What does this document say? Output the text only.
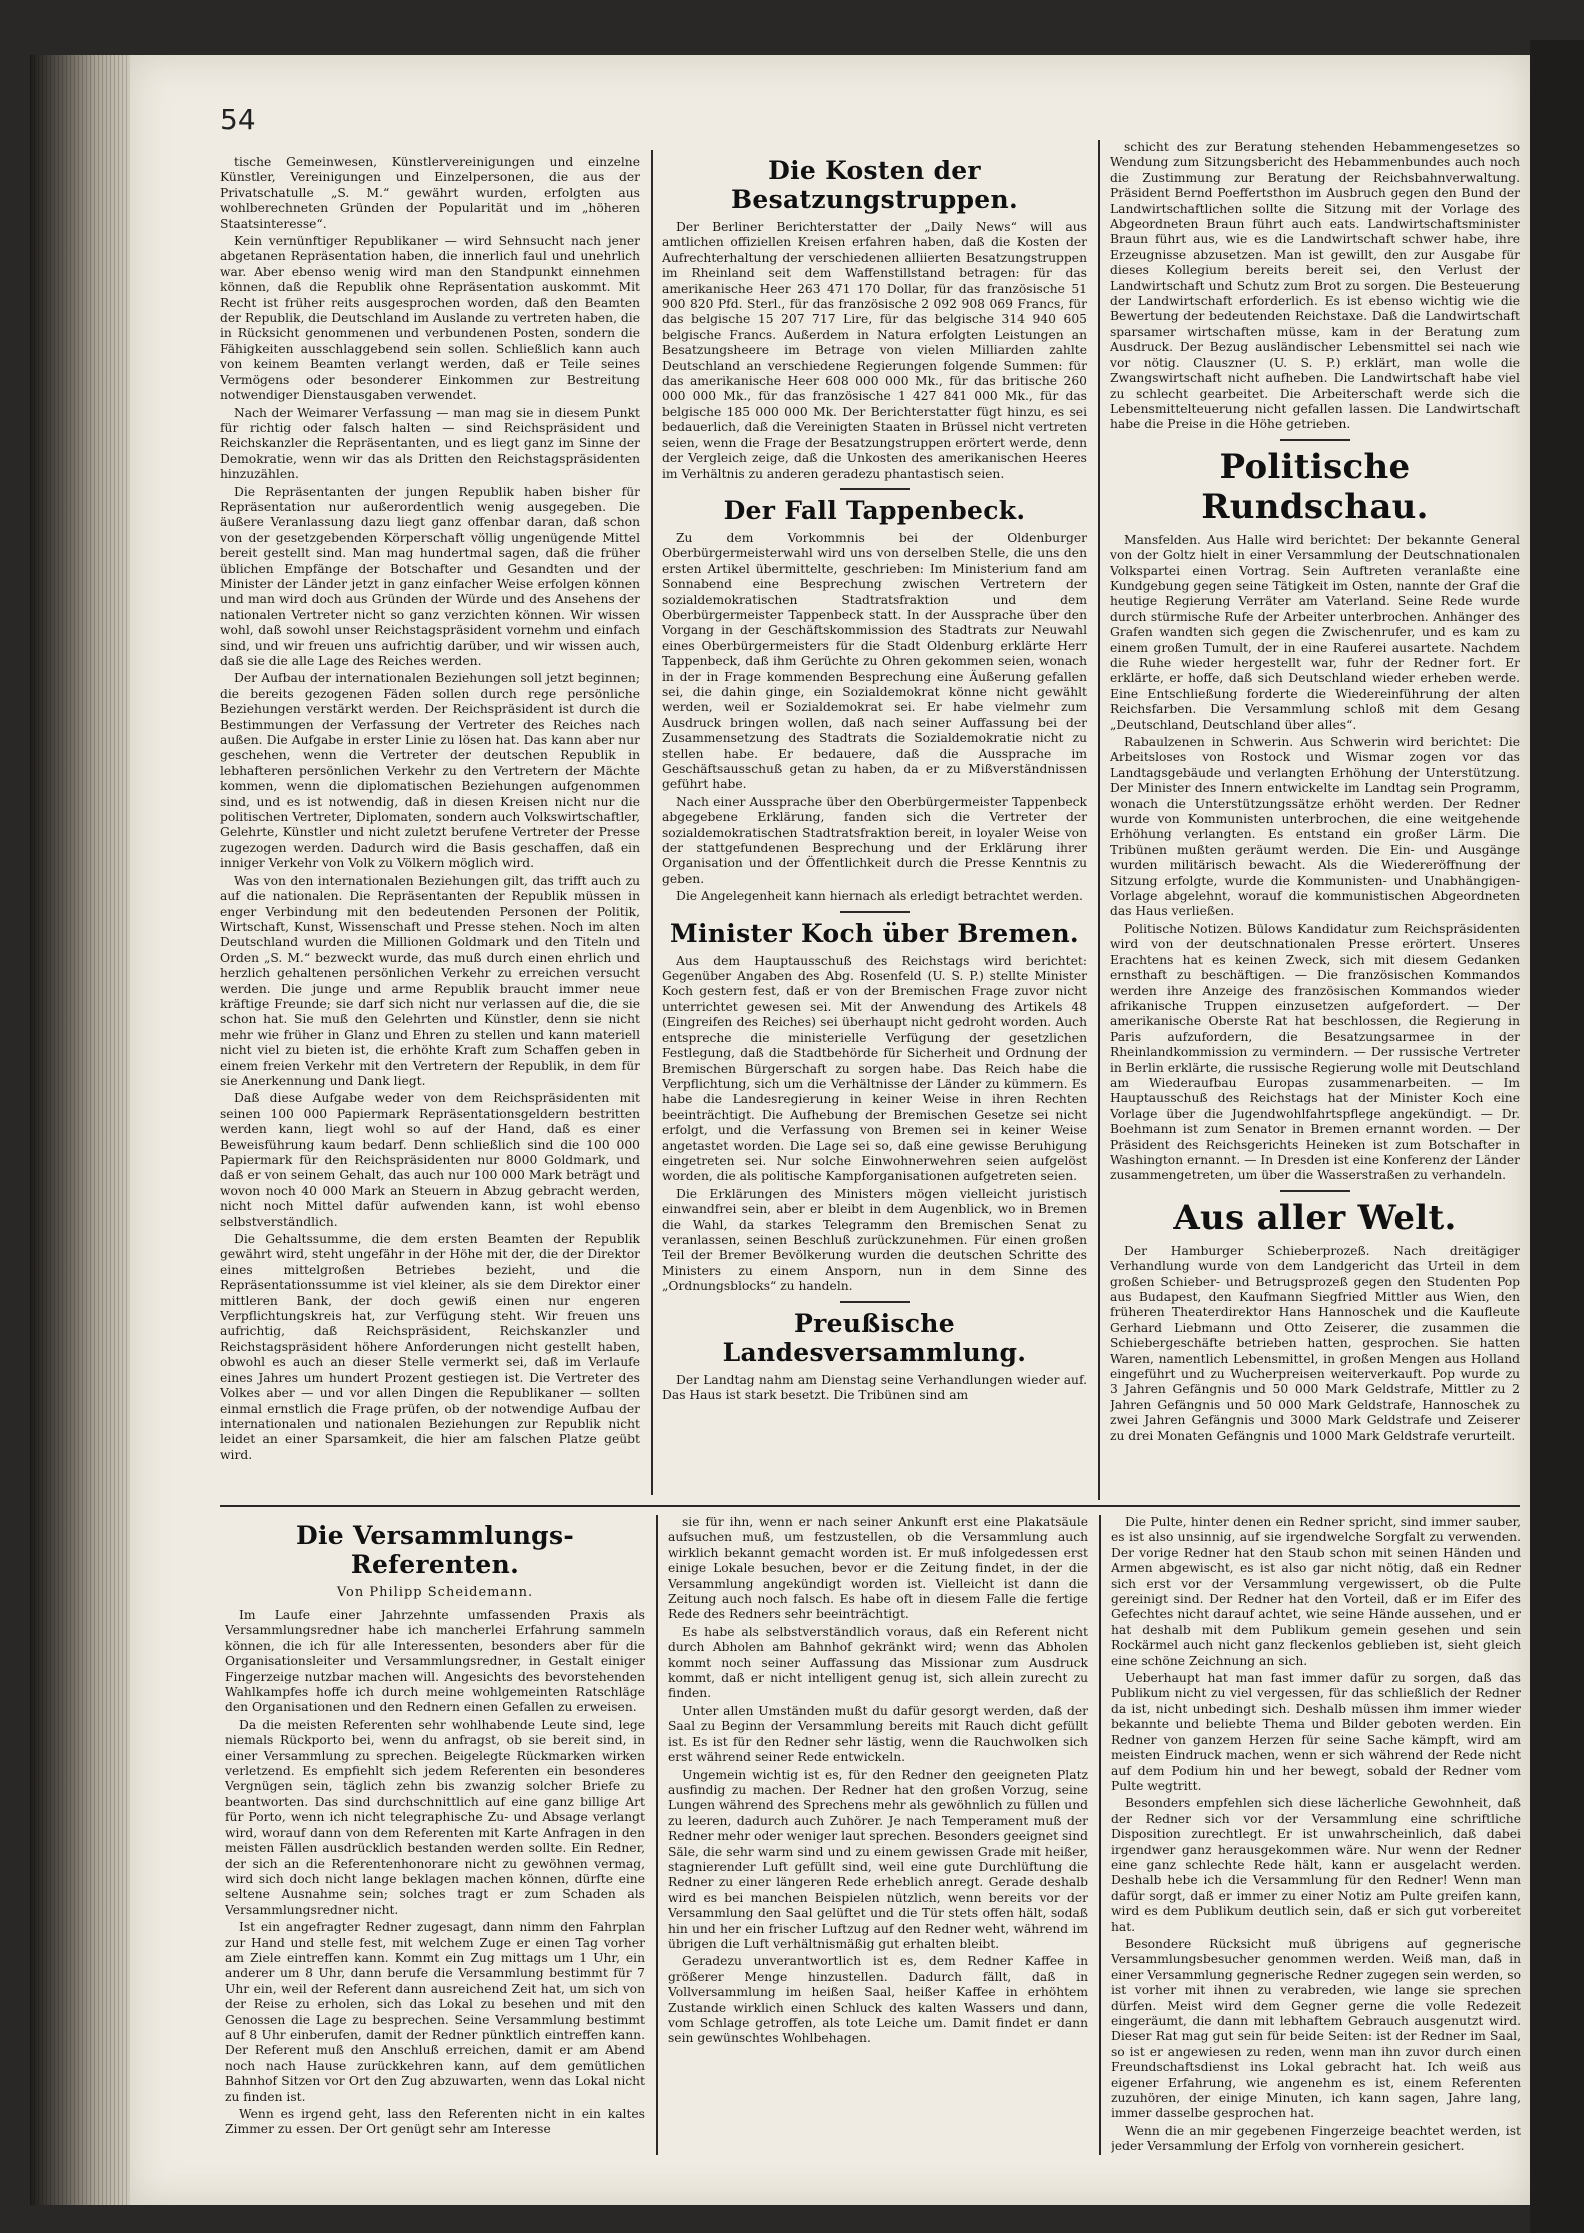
54

tische Gemeinwesen, Künstlervereinigungen und einzelne Künstler, Vereinigungen und Einzelpersonen, die aus der Privatschatulle „S. M.“ gewährt wurden, erfolgten aus wohlberechneten Gründen der Popularität und im „höheren Staatsinteresse“.

Kein vernünftiger Republikaner — wird Sehnsucht nach jener abgetanen Repräsentation haben, die innerlich faul und unehrlich war. Aber ebenso wenig wird man den Standpunkt einnehmen können, daß die Republik ohne Repräsentation auskommt. Mit Recht ist früher reits ausgesprochen worden, daß den Beamten der Republik, die Deutschland im Auslande zu vertreten haben, die in Rücksicht genommenen und verbundenen Posten, sondern die Fähigkeiten ausschlaggebend sein sollen. Schließlich kann auch von keinem Beamten verlangt werden, daß er Teile seines Vermögens oder besonderer Einkommen zur Bestreitung notwendiger Dienstausgaben verwendet.

Nach der Weimarer Verfassung — man mag sie in diesem Punkt für richtig oder falsch halten — sind Reichspräsident und Reichskanzler die Repräsentanten, und es liegt ganz im Sinne der Demokratie, wenn wir das als Dritten den Reichstagspräsidenten hinzuzählen.

Die Repräsentanten der jungen Republik haben bisher für Repräsentation nur außerordentlich wenig ausgegeben. Die äußere Veranlassung dazu liegt ganz offenbar daran, daß schon von der gesetzgebenden Körperschaft völlig ungenügende Mittel bereit gestellt sind. Man mag hundertmal sagen, daß die früher üblichen Empfänge der Botschafter und Gesandten und der Minister der Länder jetzt in ganz einfacher Weise erfolgen können und man wird doch aus Gründen der Würde und des Ansehens der nationalen Vertreter nicht so ganz verzichten können. Wir wissen wohl, daß sowohl unser Reichstagspräsident vornehm und einfach sind, und wir freuen uns aufrichtig darüber, und wir wissen auch, daß sie die alle Lage des Reiches werden.

Der Aufbau der internationalen Beziehungen soll jetzt beginnen; die bereits gezogenen Fäden sollen durch rege persönliche Beziehungen verstärkt werden. Der Reichspräsident ist durch die Bestimmungen der Verfassung der Vertreter des Reiches nach außen. Die Aufgabe in erster Linie zu lösen hat. Das kann aber nur geschehen, wenn die Vertreter der deutschen Republik in lebhafteren persönlichen Verkehr zu den Vertretern der Mächte kommen, wenn die diplomatischen Beziehungen aufgenommen sind, und es ist notwendig, daß in diesen Kreisen nicht nur die politischen Vertreter, Diplomaten, sondern auch Volkswirtschaftler, Gelehrte, Künstler und nicht zuletzt berufene Vertreter der Presse zugezogen werden. Dadurch wird die Basis geschaffen, daß ein inniger Verkehr von Volk zu Völkern möglich wird.

Was von den internationalen Beziehungen gilt, das trifft auch zu auf die nationalen. Die Repräsentanten der Republik müssen in enger Verbindung mit den bedeutenden Personen der Politik, Wirtschaft, Kunst, Wissenschaft und Presse stehen. Noch im alten Deutschland wurden die Millionen Goldmark und den Titeln und Orden „S. M.“ bezweckt wurde, das muß durch einen ehrlich und herzlich gehaltenen persönlichen Verkehr zu erreichen versucht werden. Die junge und arme Republik braucht immer neue kräftige Freunde; sie darf sich nicht nur verlassen auf die, die sie schon hat. Sie muß den Gelehrten und Künstler, denn sie nicht mehr wie früher in Glanz und Ehren zu stellen und kann materiell nicht viel zu bieten ist, die erhöhte Kraft zum Schaffen geben in einem freien Verkehr mit den Vertretern der Republik, in dem für sie Anerkennung und Dank liegt.

Daß diese Aufgabe weder von dem Reichspräsidenten mit seinen 100 000 Papiermark Repräsentationsgeldern bestritten werden kann, liegt wohl so auf der Hand, daß es einer Beweisführung kaum bedarf. Denn schließlich sind die 100 000 Papiermark für den Reichspräsidenten nur 8000 Goldmark, und daß er von seinem Gehalt, das auch nur 100 000 Mark beträgt und wovon noch 40 000 Mark an Steuern in Abzug gebracht werden, nicht noch Mittel dafür aufwenden kann, ist wohl ebenso selbstverständlich.

Die Gehaltssumme, die dem ersten Beamten der Republik gewährt wird, steht ungefähr in der Höhe mit der, die der Direktor eines mittelgroßen Betriebes bezieht, und die Repräsentationssumme ist viel kleiner, als sie dem Direktor einer mittleren Bank, der doch gewiß einen nur engeren Verpflichtungskreis hat, zur Verfügung steht. Wir freuen uns aufrichtig, daß Reichspräsident, Reichskanzler und Reichstagspräsident höhere Anforderungen nicht gestellt haben, obwohl es auch an dieser Stelle vermerkt sei, daß im Verlaufe eines Jahres um hundert Prozent gestiegen ist. Die Vertreter des Volkes aber — und vor allen Dingen die Republikaner — sollten einmal ernstlich die Frage prüfen, ob der notwendige Aufbau der internationalen und nationalen Beziehungen zur Republik nicht leidet an einer Sparsamkeit, die hier am falschen Platze geübt wird.

Die Kosten der Besatzungstruppen.

Der Berliner Berichterstatter der „Daily News“ will aus amtlichen offiziellen Kreisen erfahren haben, daß die Kosten der Aufrechterhaltung der verschiedenen alliierten Besatzungstruppen im Rheinland seit dem Waffenstillstand betragen: für das amerikanische Heer 263 471 170 Dollar, für das französische 51 900 820 Pfd. Sterl., für das französische 2 092 908 069 Francs, für das belgische 15 207 717 Lire, für das belgische 314 940 605 belgische Francs. Außerdem in Natura erfolgten Leistungen an Besatzungsheere im Betrage von vielen Milliarden zahlte Deutschland an verschiedene Regierungen folgende Summen: für das amerikanische Heer 608 000 000 Mk., für das britische 260 000 000 Mk., für das französische 1 427 841 000 Mk., für das belgische 185 000 000 Mk. Der Berichterstatter fügt hinzu, es sei bedauerlich, daß die Vereinigten Staaten in Brüssel nicht vertreten seien, wenn die Frage der Besatzungstruppen erörtert werde, denn der Vergleich zeige, daß die Unkosten des amerikanischen Heeres im Verhältnis zu anderen geradezu phantastisch seien.

Der Fall Tappenbeck.

Zu dem Vorkommnis bei der Oldenburger Oberbürgermeisterwahl wird uns von derselben Stelle, die uns den ersten Artikel übermittelte, geschrieben: Im Ministerium fand am Sonnabend eine Besprechung zwischen Vertretern der sozialdemokratischen Stadtratsfraktion und dem Oberbürgermeister Tappenbeck statt. In der Aussprache über den Vorgang in der Geschäftskommission des Stadtrats zur Neuwahl eines Oberbürgermeisters für die Stadt Oldenburg erklärte Herr Tappenbeck, daß ihm Gerüchte zu Ohren gekommen seien, wonach in der in Frage kommenden Besprechung eine Äußerung gefallen sei, die dahin ginge, ein Sozialdemokrat könne nicht gewählt werden, weil er Sozialdemokrat sei. Er habe vielmehr zum Ausdruck bringen wollen, daß nach seiner Auffassung bei der Zusammensetzung des Stadtrats die Sozialdemokratie nicht zu stellen habe. Er bedauere, daß die Aussprache im Geschäftsausschuß getan zu haben, da er zu Mißverständnissen geführt habe.

Nach einer Aussprache über den Oberbürgermeister Tappenbeck abgegebene Erklärung, fanden sich die Vertreter der sozialdemokratischen Stadtratsfraktion bereit, in loyaler Weise von der stattgefundenen Besprechung und der Erklärung ihrer Organisation und der Öffentlichkeit durch die Presse Kenntnis zu geben.

Die Angelegenheit kann hiernach als erledigt betrachtet werden.

Minister Koch über Bremen.

Aus dem Hauptausschuß des Reichstags wird berichtet: Gegenüber Angaben des Abg. Rosenfeld (U. S. P.) stellte Minister Koch gestern fest, daß er von der Bremischen Frage zuvor nicht unterrichtet gewesen sei. Mit der Anwendung des Artikels 48 (Eingreifen des Reiches) sei überhaupt nicht gedroht worden. Auch entspreche die ministerielle Verfügung der gesetzlichen Festlegung, daß die Stadtbehörde für Sicherheit und Ordnung der Bremischen Bürgerschaft zu sorgen habe. Das Reich habe die Verpflichtung, sich um die Verhältnisse der Länder zu kümmern. Es habe die Landesregierung in keiner Weise in ihren Rechten beeinträchtigt. Die Aufhebung der Bremischen Gesetze sei nicht erfolgt, und die Verfassung von Bremen sei in keiner Weise angetastet worden. Die Lage sei so, daß eine gewisse Beruhigung eingetreten sei. Nur solche Einwohnerwehren seien aufgelöst worden, die als politische Kampforganisationen aufgetreten seien.

Die Erklärungen des Ministers mögen vielleicht juristisch einwandfrei sein, aber er bleibt in dem Augenblick, wo in Bremen die Wahl, da starkes Telegramm den Bremischen Senat zu veranlassen, seinen Beschluß zurückzunehmen. Für einen großen Teil der Bremer Bevölkerung wurden die deutschen Schritte des Ministers zu einem Ansporn, nun in dem Sinne des „Ordnungsblocks“ zu handeln.

Preußische Landesversammlung.

Der Landtag nahm am Dienstag seine Verhandlungen wieder auf. Das Haus ist stark besetzt. Die Tribünen sind am

schicht des zur Beratung stehenden Hebammengesetzes so Wendung zum Sitzungsbericht des Hebammenbundes auch noch die Zustimmung zur Beratung der Reichsbahnverwaltung. Präsident Bernd Poeffertsthon im Ausbruch gegen den Bund der Landwirtschaftlichen sollte die Sitzung mit der Vorlage des Abgeordneten Braun führt auch eats. Landwirtschaftsminister Braun führt aus, wie es die Landwirtschaft schwer habe, ihre Erzeugnisse abzusetzen. Man ist gewillt, den zur Ausgabe für dieses Kollegium bereits bereit sei, den Verlust der Landwirtschaft und Schutz zum Brot zu sorgen. Die Besteuerung der Landwirtschaft erforderlich. Es ist ebenso wichtig wie die Bewertung der bedeutenden Reichstaxe. Daß die Landwirtschaft sparsamer wirtschaften müsse, kam in der Beratung zum Ausdruck. Der Bezug ausländischer Lebensmittel sei nach wie vor nötig. Clauszner (U. S. P.) erklärt, man wolle die Zwangswirtschaft nicht aufheben. Die Landwirtschaft habe viel zu schlecht gearbeitet. Die Arbeiterschaft werde sich die Lebensmittelteuerung nicht gefallen lassen. Die Landwirtschaft habe die Preise in die Höhe getrieben.

Politische Rundschau.

Mansfelden. Aus Halle wird berichtet: Der bekannte General von der Goltz hielt in einer Versammlung der Deutschnationalen Volkspartei einen Vortrag. Sein Auftreten veranlaßte eine Kundgebung gegen seine Tätigkeit im Osten, nannte der Graf die heutige Regierung Verräter am Vaterland. Seine Rede wurde durch stürmische Rufe der Arbeiter unterbrochen. Anhänger des Grafen wandten sich gegen die Zwischenrufer, und es kam zu einem großen Tumult, der in eine Rauferei ausartete. Nachdem die Ruhe wieder hergestellt war, fuhr der Redner fort. Er erklärte, er hoffe, daß sich Deutschland wieder erheben werde. Eine Entschließung forderte die Wiedereinführung der alten Reichsfarben. Die Versammlung schloß mit dem Gesang „Deutschland, Deutschland über alles“.

Rabaulzenen in Schwerin. Aus Schwerin wird berichtet: Die Arbeitsloses von Rostock und Wismar zogen vor das Landtagsgebäude und verlangten Erhöhung der Unterstützung. Der Minister des Innern entwickelte im Landtag sein Programm, wonach die Unterstützungssätze erhöht werden. Der Redner wurde von Kommunisten unterbrochen, die eine weitgehende Erhöhung verlangten. Es entstand ein großer Lärm. Die Tribünen mußten geräumt werden. Die Ein- und Ausgänge wurden militärisch bewacht. Als die Wiedereröffnung der Sitzung erfolgte, wurde die Kommunisten- und Unabhängigen-Vorlage abgelehnt, worauf die kommunistischen Abgeordneten das Haus verließen.

Politische Notizen. Bülows Kandidatur zum Reichspräsidenten wird von der deutschnationalen Presse erörtert. Unseres Erachtens hat es keinen Zweck, sich mit diesem Gedanken ernsthaft zu beschäftigen. — Die französischen Kommandos werden ihre Anzeige des französischen Kommandos wieder afrikanische Truppen einzusetzen aufgefordert. — Der amerikanische Oberste Rat hat beschlossen, die Regierung in Paris aufzufordern, die Besatzungsarmee in der Rheinlandkommission zu vermindern. — Der russische Vertreter in Berlin erklärte, die russische Regierung wolle mit Deutschland am Wiederaufbau Europas zusammenarbeiten. — Im Hauptausschuß des Reichstags hat der Minister Koch eine Vorlage über die Jugendwohlfahrtspflege angekündigt. — Dr. Boehmann ist zum Senator in Bremen ernannt worden. — Der Präsident des Reichsgerichts Heineken ist zum Botschafter in Washington ernannt. — In Dresden ist eine Konferenz der Länder zusammengetreten, um über die Wasserstraßen zu verhandeln.

Aus aller Welt.

Der Hamburger Schieberprozeß. Nach dreitägiger Verhandlung wurde von dem Landgericht das Urteil in dem großen Schieber- und Betrugsprozeß gegen den Studenten Pop aus Budapest, den Kaufmann Siegfried Mittler aus Wien, den früheren Theaterdirektor Hans Hannoschek und die Kaufleute Gerhard Liebmann und Otto Zeiserer, die zusammen die Schiebergeschäfte betrieben hatten, gesprochen. Sie hatten Waren, namentlich Lebensmittel, in großen Mengen aus Holland eingeführt und zu Wucherpreisen weiterverkauft. Pop wurde zu 3 Jahren Gefängnis und 50 000 Mark Geldstrafe, Mittler zu 2 Jahren Gefängnis und 50 000 Mark Geldstrafe, Hannoschek zu zwei Jahren Gefängnis und 3000 Mark Geldstrafe und Zeiserer zu drei Monaten Gefängnis und 1000 Mark Geldstrafe verurteilt.

Die Versammlungs-Referenten.
Von Philipp Scheidemann.

Im Laufe einer Jahrzehnte umfassenden Praxis als Versammlungsredner habe ich mancherlei Erfahrung sammeln können, die ich für alle Interessenten, besonders aber für die Organisationsleiter und Versammlungsredner, in Gestalt einiger Fingerzeige nutzbar machen will. Angesichts des bevorstehenden Wahlkampfes hoffe ich durch meine wohlgemeinten Ratschläge den Organisationen und den Rednern einen Gefallen zu erweisen.

Da die meisten Referenten sehr wohlhabende Leute sind, lege niemals Rückporto bei, wenn du anfragst, ob sie bereit sind, in einer Versammlung zu sprechen. Beigelegte Rückmarken wirken verletzend. Es empfiehlt sich jedem Referenten ein besonderes Vergnügen sein, täglich zehn bis zwanzig solcher Briefe zu beantworten. Das sind durchschnittlich auf eine ganz billige Art für Porto, wenn ich nicht telegraphische Zu- und Absage verlangt wird, worauf dann von dem Referenten mit Karte Anfragen in den meisten Fällen ausdrücklich bestanden werden sollte. Ein Redner, der sich an die Referentenhonorare nicht zu gewöhnen vermag, wird sich doch nicht lange beklagen machen können, dürfte eine seltene Ausnahme sein; solches tragt er zum Schaden als Versammlungsredner nicht.

Ist ein angefragter Redner zugesagt, dann nimm den Fahrplan zur Hand und stelle fest, mit welchem Zuge er einen Tag vorher am Ziele eintreffen kann. Kommt ein Zug mittags um 1 Uhr, ein anderer um 8 Uhr, dann berufe die Versammlung bestimmt für 7 Uhr ein, weil der Referent dann ausreichend Zeit hat, um sich von der Reise zu erholen, sich das Lokal zu besehen und mit den Genossen die Lage zu besprechen. Seine Versammlung bestimmt auf 8 Uhr einberufen, damit der Redner pünktlich eintreffen kann. Der Referent muß den Anschluß erreichen, damit er am Abend noch nach Hause zurückkehren kann, auf dem gemütlichen Bahnhof Sitzen vor Ort den Zug abzuwarten, wenn das Lokal nicht zu finden ist.

Wenn es irgend geht, lass den Referenten nicht in ein kaltes Zimmer zu essen. Der Ort genügt sehr am Interesse

sie für ihn, wenn er nach seiner Ankunft erst eine Plakatsäule aufsuchen muß, um festzustellen, ob die Versammlung auch wirklich bekannt gemacht worden ist. Er muß infolgedessen erst einige Lokale besuchen, bevor er die Zeitung findet, in der die Versammlung angekündigt worden ist. Vielleicht ist dann die Zeitung auch noch falsch. Es habe oft in diesem Falle die fertige Rede des Redners sehr beeinträchtigt.

Es habe als selbstverständlich voraus, daß ein Referent nicht durch Abholen am Bahnhof gekränkt wird; wenn das Abholen kommt noch seiner Auffassung das Missionar zum Ausdruck kommt, daß er nicht intelligent genug ist, sich allein zurecht zu finden.

Unter allen Umständen mußt du dafür gesorgt werden, daß der Saal zu Beginn der Versammlung bereits mit Rauch dicht gefüllt ist. Es ist für den Redner sehr lästig, wenn die Rauchwolken sich erst während seiner Rede entwickeln.

Ungemein wichtig ist es, für den Redner den geeigneten Platz ausfindig zu machen. Der Redner hat den großen Vorzug, seine Lungen während des Sprechens mehr als gewöhnlich zu füllen und zu leeren, dadurch auch Zuhörer. Je nach Temperament muß der Redner mehr oder weniger laut sprechen. Besonders geeignet sind Säle, die sehr warm sind und zu einem gewissen Grade mit heißer, stagnierender Luft gefüllt sind, weil eine gute Durchlüftung die Redner zu einer längeren Rede erheblich anregt. Gerade deshalb wird es bei manchen Beispielen nützlich, wenn bereits vor der Versammlung den Saal gelüftet und die Tür stets offen hält, sodaß hin und her ein frischer Luftzug auf den Redner weht, während im übrigen die Luft verhältnismäßig gut erhalten bleibt.

Geradezu unverantwortlich ist es, dem Redner Kaffee in größerer Menge hinzustellen. Dadurch fällt, daß in Vollversammlung im heißen Saal, heißer Kaffee in erhöhtem Zustande wirklich einen Schluck des kalten Wassers und dann, vom Schlage getroffen, als tote Leiche um. Damit findet er dann sein gewünschtes Wohlbehagen.

Die Pulte, hinter denen ein Redner spricht, sind immer sauber, es ist also unsinnig, auf sie irgendwelche Sorgfalt zu verwenden. Der vorige Redner hat den Staub schon mit seinen Händen und Armen abgewischt, es ist also gar nicht nötig, daß ein Redner sich erst vor der Versammlung vergewissert, ob die Pulte gereinigt sind. Der Redner hat den Vorteil, daß er im Eifer des Gefechtes nicht darauf achtet, wie seine Hände aussehen, und er hat deshalb mit dem Publikum gemein gesehen und sein Rockärmel auch nicht ganz fleckenlos geblieben ist, sieht gleich eine schöne Zeichnung an sich.

Ueberhaupt hat man fast immer dafür zu sorgen, daß das Publikum nicht zu viel vergessen, für das schließlich der Redner da ist, nicht unbedingt sich. Deshalb müssen ihm immer wieder bekannte und beliebte Thema und Bilder geboten werden. Ein Redner von ganzem Herzen für seine Sache kämpft, wird am meisten Eindruck machen, wenn er sich während der Rede nicht auf dem Podium hin und her bewegt, sobald der Redner vom Pulte wegtritt.

Besonders empfehlen sich diese lächerliche Gewohnheit, daß der Redner sich vor der Versammlung eine schriftliche Disposition zurechtlegt. Er ist unwahrscheinlich, daß dabei irgendwer ganz herausgekommen wäre. Nur wenn der Redner eine ganz schlechte Rede hält, kann er ausgelacht werden. Deshalb hebe ich die Versammlung für den Redner! Wenn man dafür sorgt, daß er immer zu einer Notiz am Pulte greifen kann, wird es dem Publikum deutlich sein, daß er sich gut vorbereitet hat.

Besondere Rücksicht muß übrigens auf gegnerische Versammlungsbesucher genommen werden. Weiß man, daß in einer Versammlung gegnerische Redner zugegen sein werden, so ist vorher mit ihnen zu verabreden, wie lange sie sprechen dürfen. Meist wird dem Gegner gerne die volle Redezeit eingeräumt, die dann mit lebhaftem Gebrauch ausgenutzt wird. Dieser Rat mag gut sein für beide Seiten: ist der Redner im Saal, so ist er angewiesen zu reden, wenn man ihn zuvor durch einen Freundschaftsdienst ins Lokal gebracht hat. Ich weiß aus eigener Erfahrung, wie angenehm es ist, einem Referenten zuzuhören, der einige Minuten, ich kann sagen, Jahre lang, immer dasselbe gesprochen hat.

Wenn die an mir gegebenen Fingerzeige beachtet werden, ist jeder Versammlung der Erfolg von vornherein gesichert.
